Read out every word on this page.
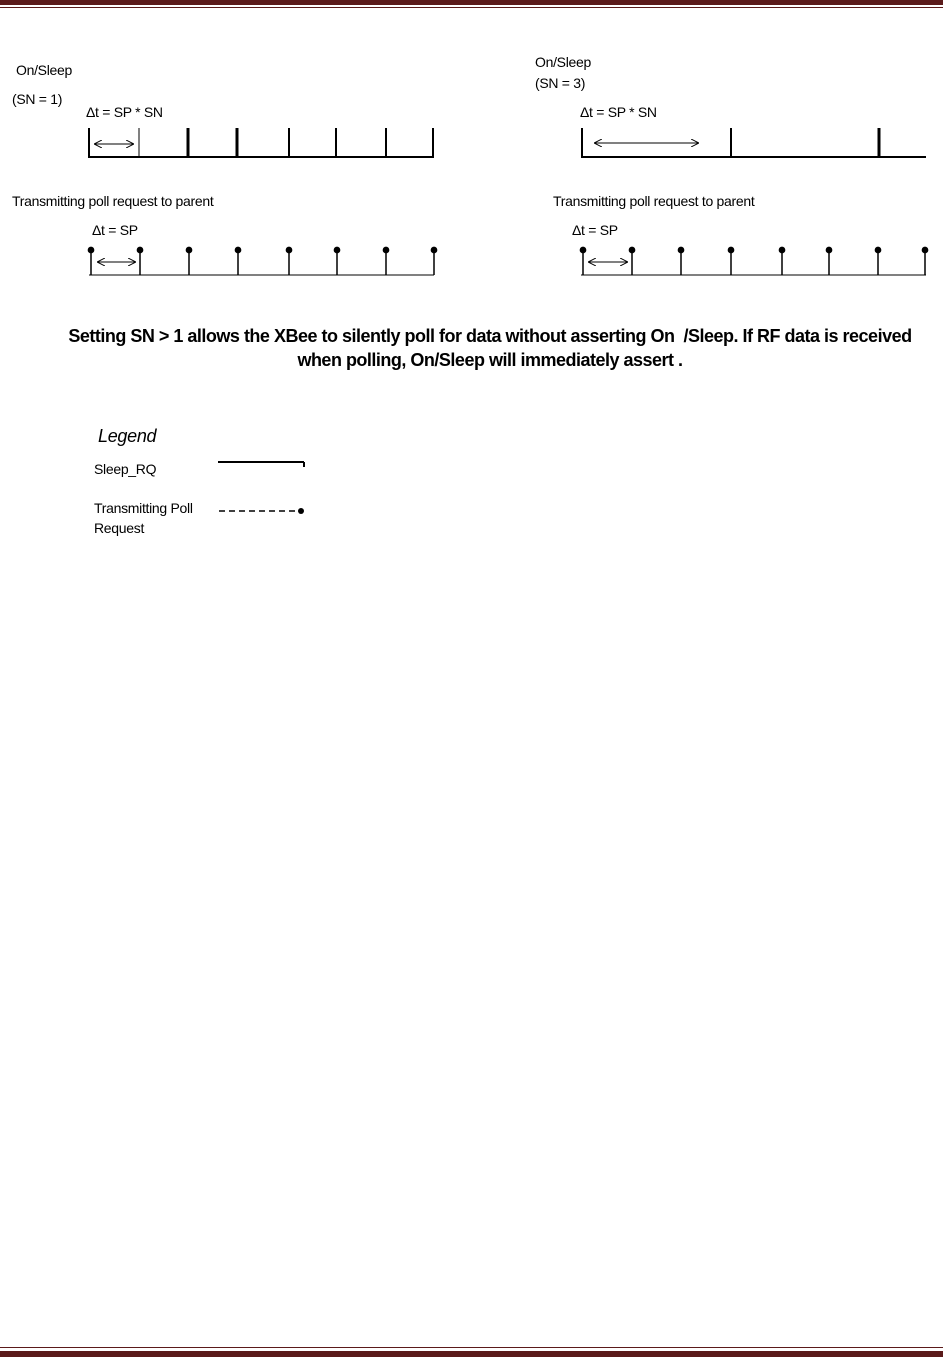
On/Sleep
(SN = 1)
Δt = SP * SN
Transmitting poll request to parent
Δt = SP
On/Sleep
(SN = 3)
Δt = SP * SN
Transmitting poll request to parent
Δt = SP
Setting SN > 1 allows the XBee to silently poll for data without asserting On  /Sleep. If RF data is received
when polling, On/Sleep will immediately assert .
Legend
Sleep_RQ
Transmitting Poll
Request
